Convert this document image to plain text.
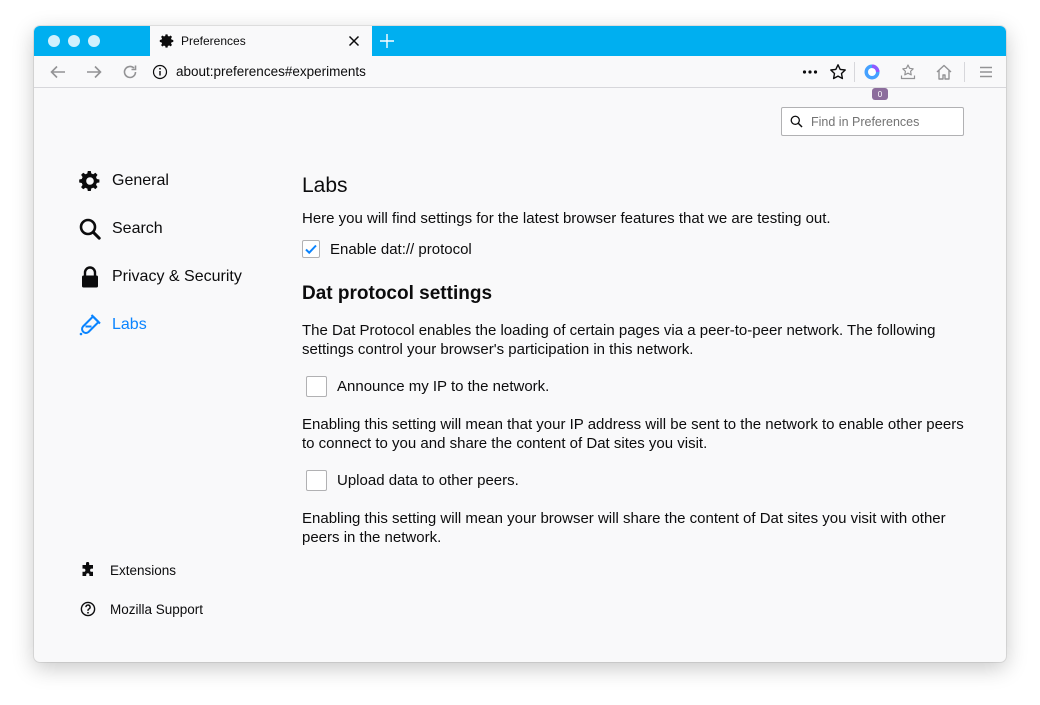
Preferences
about:preferences#experiments
0
Find in Preferences
General
Search
Privacy & Security
Labs
Extensions
Mozilla Support
Labs
Here you will find settings for the latest browser features that we are testing out.
Enable dat:// protocol
Dat protocol settings
The Dat Protocol enables the loading of certain pages via a peer-to-peer network. The following settings control your browser's participation in this network.
Announce my IP to the network.
Enabling this setting will mean that your IP address will be sent to the network to enable other peers to connect to you and share the content of Dat sites you visit.
Upload data to other peers.
Enabling this setting will mean your browser will share the content of Dat sites you visit with other peers in the network.
